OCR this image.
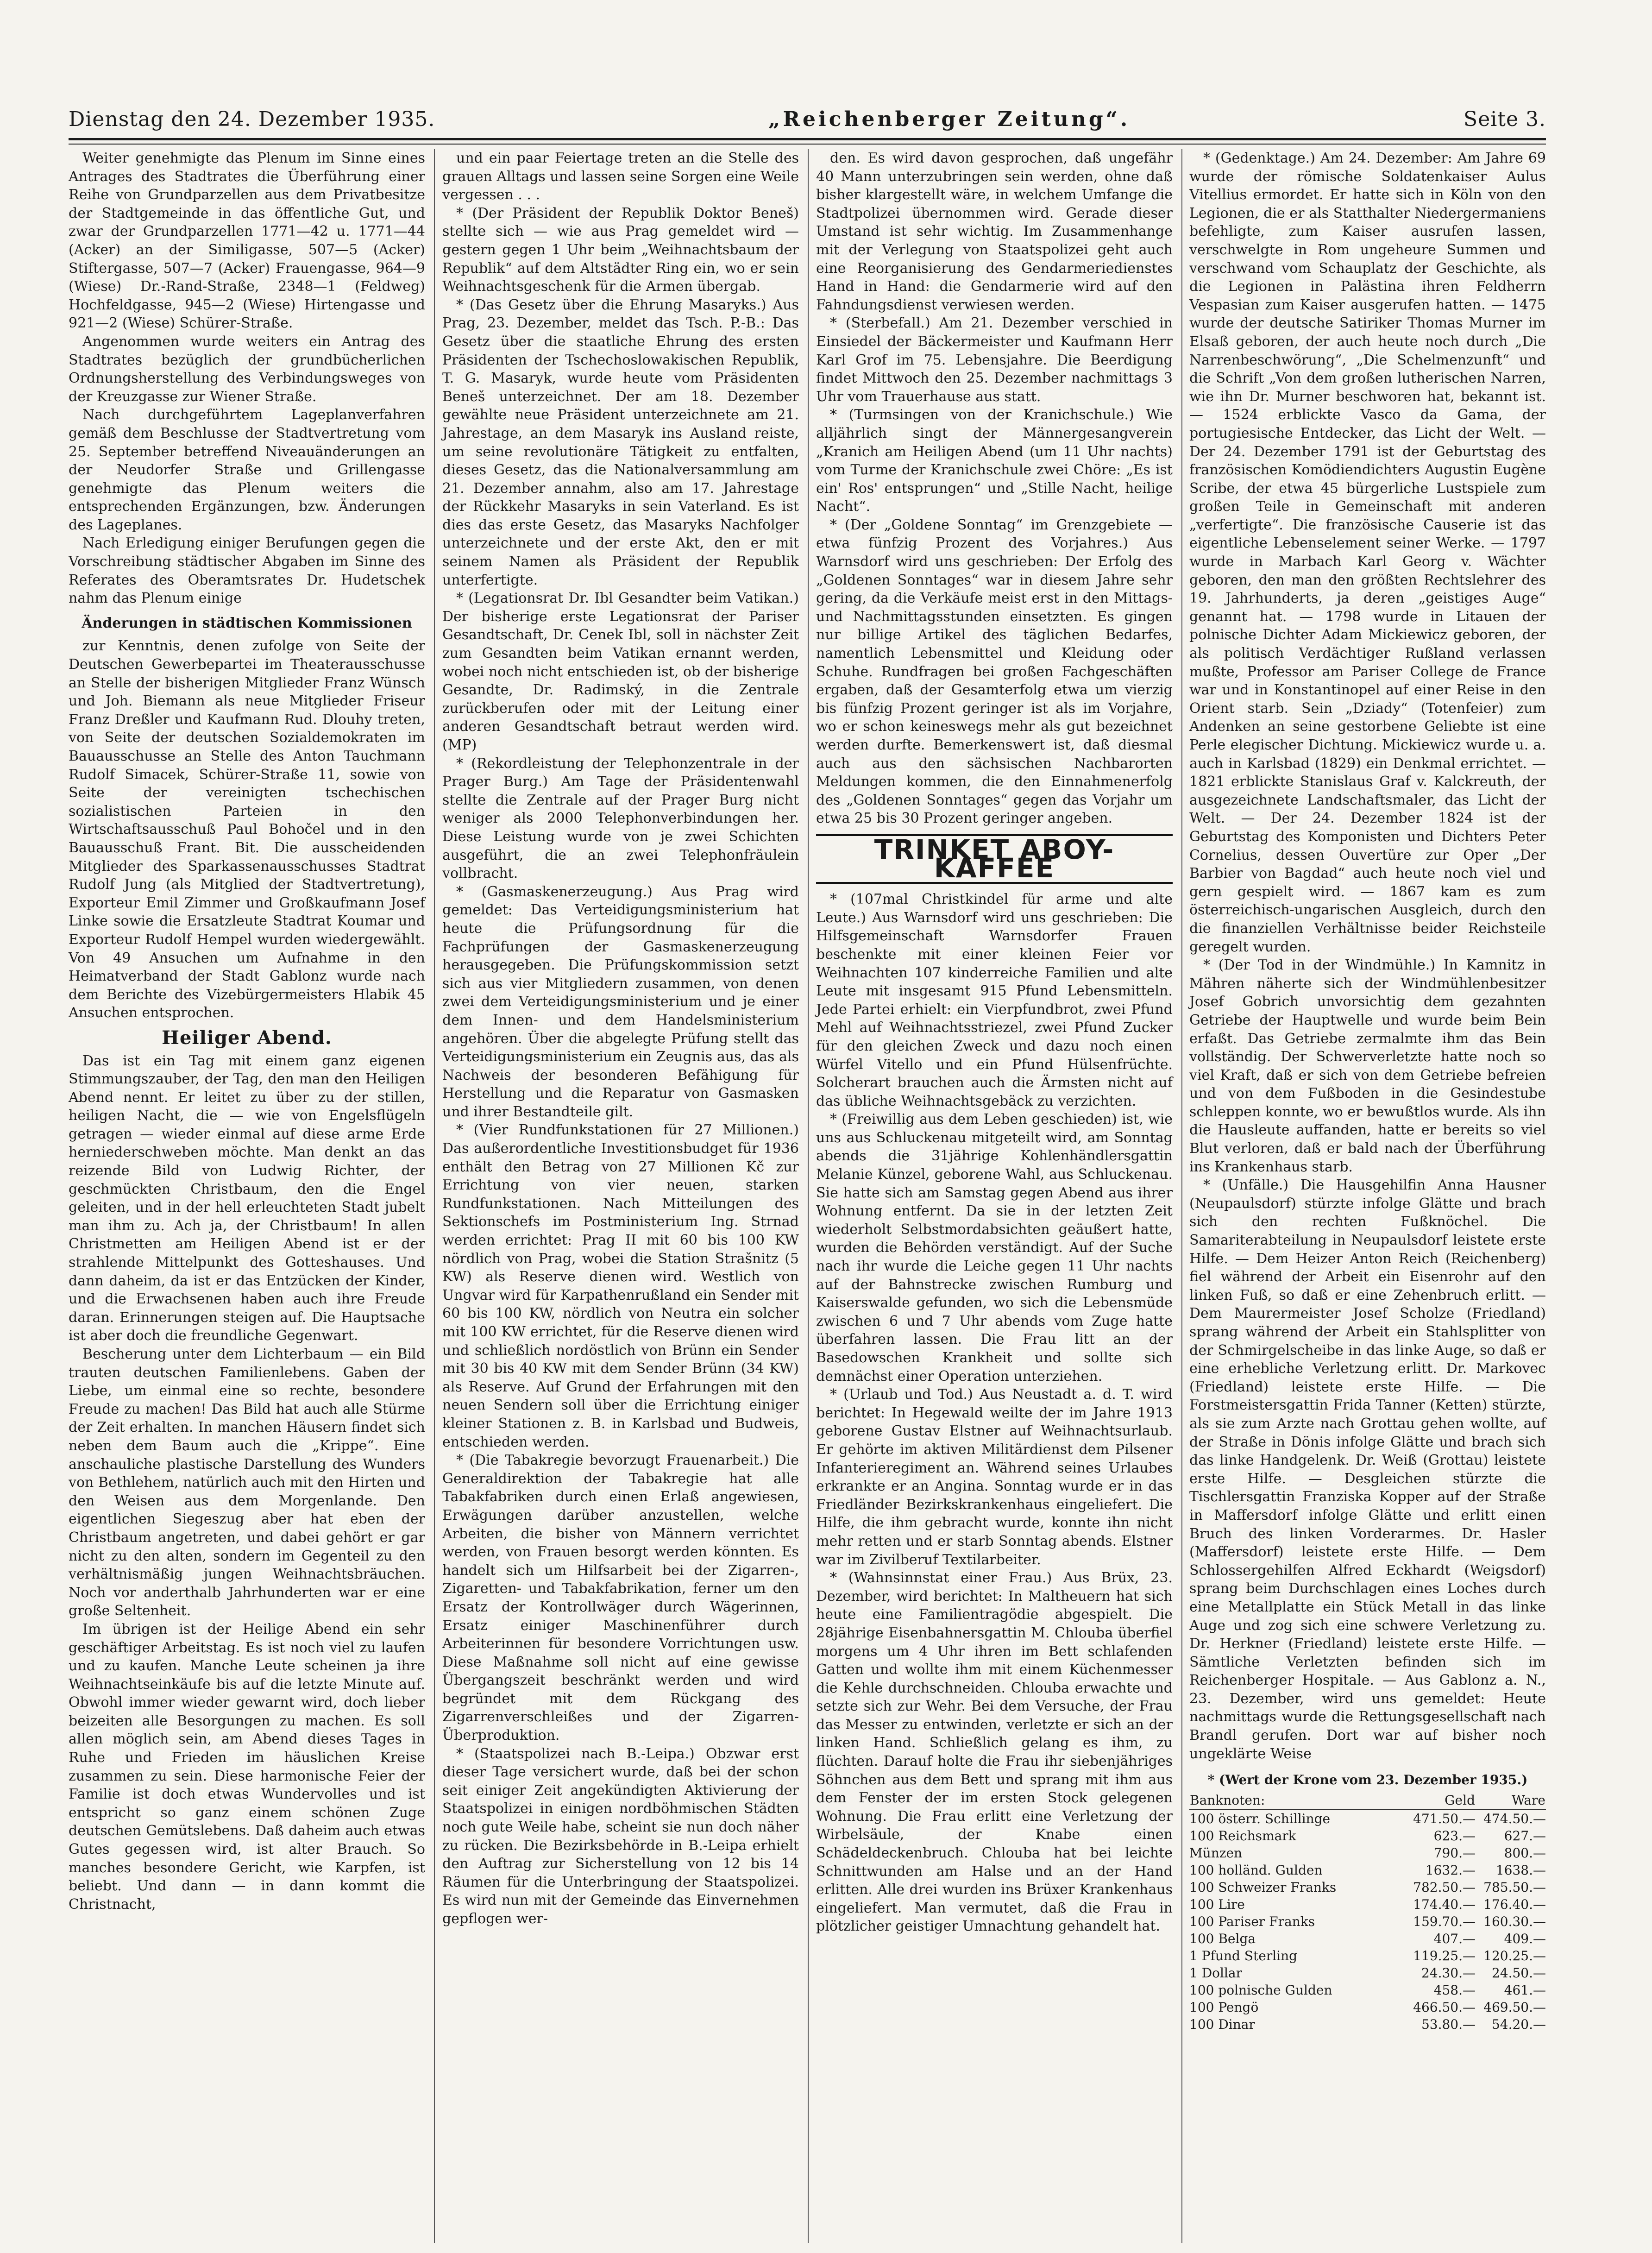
Dienstag den 24. Dezember 1935.	„Reichenberger Zeitung“.	Seite 3.

Weiter genehmigte das Plenum im Sinne eines Antrages des Stadtrates die Überführung einer Reihe von Grundparzellen aus dem Privatbesitze der Stadtgemeinde in das öffentliche Gut, und zwar der Grundparzellen 1771—42 u. 1771—44 (Acker) an der Similigasse, 507—5 (Acker) Stiftergasse, 507—7 (Acker) Frauengasse, 964—9 (Wiese) Dr.-Rand-Straße, 2348—1 (Feldweg) Hochfeldgasse, 945—2 (Wiese) Hirtengasse und 921—2 (Wiese) Schürer-Straße.

Angenommen wurde weiters ein Antrag des Stadtrates bezüglich der grundbücherlichen Ordnungsherstellung des Verbindungsweges von der Kreuzgasse zur Wiener Straße.

Nach durchgeführtem Lageplanverfahren gemäß dem Beschlusse der Stadtvertretung vom 25. September betreffend Niveauänderungen an der Neudorfer Straße und Grillengasse genehmigte das Plenum weiters die entsprechenden Ergänzungen, bzw. Änderungen des Lageplanes.

Nach Erledigung einiger Berufungen gegen die Vorschreibung städtischer Abgaben im Sinne des Referates des Oberamtsrates Dr. Hudetschek nahm das Plenum einige

Änderungen in städtischen Kommissionen

zur Kenntnis, denen zufolge von Seite der Deutschen Gewerbepartei im Theaterausschusse an Stelle der bisherigen Mitglieder Franz Wünsch und Joh. Biemann als neue Mitglieder Friseur Franz Dreßler und Kaufmann Rud. Dlouhy treten, von Seite der deutschen Sozialdemokraten im Bauausschusse an Stelle des Anton Tauchmann Rudolf Simacek, Schürer-Straße 11, sowie von Seite der vereinigten tschechischen sozialistischen Parteien in den Wirtschaftsausschuß Paul Bohočel und in den Bauausschuß Frant. Bit. Die ausscheidenden Mitglieder des Sparkassenausschusses Stadtrat Rudolf Jung (als Mitglied der Stadtvertretung), Exporteur Emil Zimmer und Großkaufmann Josef Linke sowie die Ersatzleute Stadtrat Koumar und Exporteur Rudolf Hempel wurden wiedergewählt. Von 49 Ansuchen um Aufnahme in den Heimatverband der Stadt Gablonz wurde nach dem Berichte des Vizebürgermeisters Hlabik 45 Ansuchen entsprochen.

Heiliger Abend.

Das ist ein Tag mit einem ganz eigenen Stimmungszauber, der Tag, den man den Heiligen Abend nennt. Er leitet zu über zu der stillen, heiligen Nacht, die — wie von Engelsflügeln getragen — wieder einmal auf diese arme Erde herniederschweben möchte. Man denkt an das reizende Bild von Ludwig Richter, der geschmückten Christbaum, den die Engel geleiten, und in der hell erleuchteten Stadt jubelt man ihm zu. Ach ja, der Christbaum! In allen Christmetten am Heiligen Abend ist er der strahlende Mittelpunkt des Gotteshauses. Und dann daheim, da ist er das Entzücken der Kinder, und die Erwachsenen haben auch ihre Freude daran. Erinnerungen steigen auf. Die Hauptsache ist aber doch die freundliche Gegenwart.

Bescherung unter dem Lichterbaum — ein Bild trauten deutschen Familienlebens. Gaben der Liebe, um einmal eine so rechte, besondere Freude zu machen! Das Bild hat auch alle Stürme der Zeit erhalten. In manchen Häusern findet sich neben dem Baum auch die „Krippe“. Eine anschauliche plastische Darstellung des Wunders von Bethlehem, natürlich auch mit den Hirten und den Weisen aus dem Morgenlande. Den eigentlichen Siegeszug aber hat eben der Christbaum angetreten, und dabei gehört er gar nicht zu den alten, sondern im Gegenteil zu den verhältnismäßig jungen Weihnachtsbräuchen. Noch vor anderthalb Jahrhunderten war er eine große Seltenheit.

Im übrigen ist der Heilige Abend ein sehr geschäftiger Arbeitstag. Es ist noch viel zu laufen und zu kaufen. Manche Leute scheinen ja ihre Weihnachtseinkäufe bis auf die letzte Minute auf. Obwohl immer wieder gewarnt wird, doch lieber beizeiten alle Besorgungen zu machen. Es soll allen möglich sein, am Abend dieses Tages in Ruhe und Frieden im häuslichen Kreise zusammen zu sein. Diese harmonische Feier der Familie ist doch etwas Wundervolles und ist entspricht so ganz einem schönen Zuge deutschen Gemütslebens. Daß daheim auch etwas Gutes gegessen wird, ist alter Brauch. So manches besondere Gericht, wie Karpfen, ist beliebt. Und dann — in dann kommt die Christnacht,

und ein paar Feiertage treten an die Stelle des grauen Alltags und lassen seine Sorgen eine Weile vergessen . . .

* (Der Präsident der Republik Doktor Beneš) stellte sich — wie aus Prag gemeldet wird — gestern gegen 1 Uhr beim „Weihnachtsbaum der Republik“ auf dem Altstädter Ring ein, wo er sein Weihnachtsgeschenk für die Armen übergab.

* (Das Gesetz über die Ehrung Masaryks.) Aus Prag, 23. Dezember, meldet das Tsch. P.-B.: Das Gesetz über die staatliche Ehrung des ersten Präsidenten der Tschechoslowakischen Republik, T. G. Masaryk, wurde heute vom Präsidenten Beneš unterzeichnet. Der am 18. Dezember gewählte neue Präsident unterzeichnete am 21. Jahrestage, an dem Masaryk ins Ausland reiste, um seine revolutionäre Tätigkeit zu entfalten, dieses Gesetz, das die Nationalversammlung am 21. Dezember annahm, also am 17. Jahrestage der Rückkehr Masaryks in sein Vaterland. Es ist dies das erste Gesetz, das Masaryks Nachfolger unterzeichnete und der erste Akt, den er mit seinem Namen als Präsident der Republik unterfertigte.

* (Legationsrat Dr. Ibl Gesandter beim Vatikan.) Der bisherige erste Legationsrat der Pariser Gesandtschaft, Dr. Cenek Ibl, soll in nächster Zeit zum Gesandten beim Vatikan ernannt werden, wobei noch nicht entschieden ist, ob der bisherige Gesandte, Dr. Radimský, in die Zentrale zurückberufen oder mit der Leitung einer anderen Gesandtschaft betraut werden wird. (MP)

* (Rekordleistung der Telephonzentrale in der Prager Burg.) Am Tage der Präsidentenwahl stellte die Zentrale auf der Prager Burg nicht weniger als 2000 Telephonverbindungen her. Diese Leistung wurde von je zwei Schichten ausgeführt, die an zwei Telephonfräulein vollbracht.

* (Gasmaskenerzeugung.) Aus Prag wird gemeldet: Das Verteidigungsministerium hat heute die Prüfungsordnung für die Fachprüfungen der Gasmaskenerzeugung herausgegeben. Die Prüfungskommission setzt sich aus vier Mitgliedern zusammen, von denen zwei dem Verteidigungsministerium und je einer dem Innen- und dem Handelsministerium angehören. Über die abgelegte Prüfung stellt das Verteidigungsministerium ein Zeugnis aus, das als Nachweis der besonderen Befähigung für Herstellung und die Reparatur von Gasmasken und ihrer Bestandteile gilt.

* (Vier Rundfunkstationen für 27 Millionen.) Das außerordentliche Investitionsbudget für 1936 enthält den Betrag von 27 Millionen Kč zur Errichtung von vier neuen, starken Rundfunkstationen. Nach Mitteilungen des Sektionschefs im Postministerium Ing. Strnad werden errichtet: Prag II mit 60 bis 100 KW nördlich von Prag, wobei die Station Strašnitz (5 KW) als Reserve dienen wird. Westlich von Ungvar wird für Karpathenrußland ein Sender mit 60 bis 100 KW, nördlich von Neutra ein solcher mit 100 KW errichtet, für die Reserve dienen wird und schließlich nordöstlich von Brünn ein Sender mit 30 bis 40 KW mit dem Sender Brünn (34 KW) als Reserve. Auf Grund der Erfahrungen mit den neuen Sendern soll über die Errichtung einiger kleiner Stationen z. B. in Karlsbad und Budweis, entschieden werden.

* (Die Tabakregie bevorzugt Frauenarbeit.) Die Generaldirektion der Tabakregie hat alle Tabakfabriken durch einen Erlaß angewiesen, Erwägungen darüber anzustellen, welche Arbeiten, die bisher von Männern verrichtet werden, von Frauen besorgt werden könnten. Es handelt sich um Hilfsarbeit bei der Zigarren-, Zigaretten- und Tabakfabrikation, ferner um den Ersatz der Kontrollwäger durch Wägerinnen, Ersatz einiger Maschinenführer durch Arbeiterinnen für besondere Vorrichtungen usw. Diese Maßnahme soll nicht auf eine gewisse Übergangszeit beschränkt werden und wird begründet mit dem Rückgang des Zigarrenverschleißes und der Zigarren-Überproduktion.

* (Staatspolizei nach B.-Leipa.) Obzwar erst dieser Tage versichert wurde, daß bei der schon seit einiger Zeit angekündigten Aktivierung der Staatspolizei in einigen nordböhmischen Städten noch gute Weile habe, scheint sie nun doch näher zu rücken. Die Bezirksbehörde in B.-Leipa erhielt den Auftrag zur Sicherstellung von 12 bis 14 Räumen für die Unterbringung der Staatspolizei. Es wird nun mit der Gemeinde das Einvernehmen gepflogen wer-

den. Es wird davon gesprochen, daß ungefähr 40 Mann unterzubringen sein werden, ohne daß bisher klargestellt wäre, in welchem Umfange die Stadtpolizei übernommen wird. Gerade dieser Umstand ist sehr wichtig. Im Zusammenhange mit der Verlegung von Staatspolizei geht auch eine Reorganisierung des Gendarmeriedienstes Hand in Hand: die Gendarmerie wird auf den Fahndungsdienst verwiesen werden.

* (Sterbefall.) Am 21. Dezember verschied in Einsiedel der Bäckermeister und Kaufmann Herr Karl Grof im 75. Lebensjahre. Die Beerdigung findet Mittwoch den 25. Dezember nachmittags 3 Uhr vom Trauerhause aus statt.

* (Turmsingen von der Kranichschule.) Wie alljährlich singt der Männergesangverein „Kranich am Heiligen Abend (um 11 Uhr nachts) vom Turme der Kranichschule zwei Chöre: „Es ist ein' Ros' entsprungen“ und „Stille Nacht, heilige Nacht“.

* (Der „Goldene Sonntag“ im Grenzgebiete — etwa fünfzig Prozent des Vorjahres.) Aus Warnsdorf wird uns geschrieben: Der Erfolg des „Goldenen Sonntages“ war in diesem Jahre sehr gering, da die Verkäufe meist erst in den Mittags- und Nachmittagsstunden einsetzten. Es gingen nur billige Artikel des täglichen Bedarfes, namentlich Lebensmittel und Kleidung oder Schuhe. Rundfragen bei großen Fachgeschäften ergaben, daß der Gesamterfolg etwa um vierzig bis fünfzig Prozent geringer ist als im Vorjahre, wo er schon keineswegs mehr als gut bezeichnet werden durfte. Bemerkenswert ist, daß diesmal auch aus den sächsischen Nachbarorten Meldungen kommen, die den Einnahmenerfolg des „Goldenen Sonntages“ gegen das Vorjahr um etwa 25 bis 30 Prozent geringer angeben.

TRINKET ABOY-KAFFEE

* (107mal Christkindel für arme und alte Leute.) Aus Warnsdorf wird uns geschrieben: Die Hilfsgemeinschaft Warnsdorfer Frauen beschenkte mit einer kleinen Feier vor Weihnachten 107 kinderreiche Familien und alte Leute mit insgesamt 915 Pfund Lebensmitteln. Jede Partei erhielt: ein Vierpfundbrot, zwei Pfund Mehl auf Weihnachtsstriezel, zwei Pfund Zucker für den gleichen Zweck und dazu noch einen Würfel Vitello und ein Pfund Hülsenfrüchte. Solcherart brauchen auch die Ärmsten nicht auf das übliche Weihnachtsgebäck zu verzichten.

* (Freiwillig aus dem Leben geschieden) ist, wie uns aus Schluckenau mitgeteilt wird, am Sonntag abends die 31jährige Kohlenhändlersgattin Melanie Künzel, geborene Wahl, aus Schluckenau. Sie hatte sich am Samstag gegen Abend aus ihrer Wohnung entfernt. Da sie in der letzten Zeit wiederholt Selbstmordabsichten geäußert hatte, wurden die Behörden verständigt. Auf der Suche nach ihr wurde die Leiche gegen 11 Uhr nachts auf der Bahnstrecke zwischen Rumburg und Kaiserswalde gefunden, wo sich die Lebensmüde zwischen 6 und 7 Uhr abends vom Zuge hatte überfahren lassen. Die Frau litt an der Basedowschen Krankheit und sollte sich demnächst einer Operation unterziehen.

* (Urlaub und Tod.) Aus Neustadt a. d. T. wird berichtet: In Hegewald weilte der im Jahre 1913 geborene Gustav Elstner auf Weihnachtsurlaub. Er gehörte im aktiven Militärdienst dem Pilsener Infanterieregiment an. Während seines Urlaubes erkrankte er an Angina. Sonntag wurde er in das Friedländer Bezirkskrankenhaus eingeliefert. Die Hilfe, die ihm gebracht wurde, konnte ihn nicht mehr retten und er starb Sonntag abends. Elstner war im Zivilberuf Textilarbeiter.

* (Wahnsinnstat einer Frau.) Aus Brüx, 23. Dezember, wird berichtet: In Maltheuern hat sich heute eine Familientragödie abgespielt. Die 28jährige Eisenbahnersgattin M. Chlouba überfiel morgens um 4 Uhr ihren im Bett schlafenden Gatten und wollte ihm mit einem Küchenmesser die Kehle durchschneiden. Chlouba erwachte und setzte sich zur Wehr. Bei dem Versuche, der Frau das Messer zu entwinden, verletzte er sich an der linken Hand. Schließlich gelang es ihm, zu flüchten. Darauf holte die Frau ihr siebenjähriges Söhnchen aus dem Bett und sprang mit ihm aus dem Fenster der im ersten Stock gelegenen Wohnung. Die Frau erlitt eine Verletzung der Wirbelsäule, der Knabe einen Schädeldeckenbruch. Chlouba hat bei leichte Schnittwunden am Halse und an der Hand erlitten. Alle drei wurden ins Brüxer Krankenhaus eingeliefert. Man vermutet, daß die Frau in plötzlicher geistiger Umnachtung gehandelt hat.

* (Gedenktage.) Am 24. Dezember: Am Jahre 69 wurde der römische Soldatenkaiser Aulus Vitellius ermordet. Er hatte sich in Köln von den Legionen, die er als Statthalter Niedergermaniens befehligte, zum Kaiser ausrufen lassen, verschwelgte in Rom ungeheure Summen und verschwand vom Schauplatz der Geschichte, als die Legionen in Palästina ihren Feldherrn Vespasian zum Kaiser ausgerufen hatten. — 1475 wurde der deutsche Satiriker Thomas Murner im Elsaß geboren, der auch heute noch durch „Die Narrenbeschwörung“, „Die Schelmenzunft“ und die Schrift „Von dem großen lutherischen Narren, wie ihn Dr. Murner beschworen hat, bekannt ist. — 1524 erblickte Vasco da Gama, der portugiesische Entdecker, das Licht der Welt. — Der 24. Dezember 1791 ist der Geburtstag des französischen Komödiendichters Augustin Eugène Scribe, der etwa 45 bürgerliche Lustspiele zum großen Teile in Gemeinschaft mit anderen „verfertigte“. Die französische Causerie ist das eigentliche Lebenselement seiner Werke. — 1797 wurde in Marbach Karl Georg v. Wächter geboren, den man den größten Rechtslehrer des 19. Jahrhunderts, ja deren „geistiges Auge“ genannt hat. — 1798 wurde in Litauen der polnische Dichter Adam Mickiewicz geboren, der als politisch Verdächtiger Rußland verlassen mußte, Professor am Pariser College de France war und in Konstantinopel auf einer Reise in den Orient starb. Sein „Dziady“ (Totenfeier) zum Andenken an seine gestorbene Geliebte ist eine Perle elegischer Dichtung. Mickiewicz wurde u. a. auch in Karlsbad (1829) ein Denkmal errichtet. — 1821 erblickte Stanislaus Graf v. Kalckreuth, der ausgezeichnete Landschaftsmaler, das Licht der Welt. — Der 24. Dezember 1824 ist der Geburtstag des Komponisten und Dichters Peter Cornelius, dessen Ouvertüre zur Oper „Der Barbier von Bagdad“ auch heute noch viel und gern gespielt wird. — 1867 kam es zum österreichisch-ungarischen Ausgleich, durch den die finanziellen Verhältnisse beider Reichsteile geregelt wurden.

* (Der Tod in der Windmühle.) In Kamnitz in Mähren näherte sich der Windmühlenbesitzer Josef Gobrich unvorsichtig dem gezahnten Getriebe der Hauptwelle und wurde beim Bein erfaßt. Das Getriebe zermalmte ihm das Bein vollständig. Der Schwerverletzte hatte noch so viel Kraft, daß er sich von dem Getriebe befreien und von dem Fußboden in die Gesindestube schleppen konnte, wo er bewußtlos wurde. Als ihn die Hausleute auffanden, hatte er bereits so viel Blut verloren, daß er bald nach der Überführung ins Krankenhaus starb.

* (Unfälle.) Die Hausgehilfin Anna Hausner (Neupaulsdorf) stürzte infolge Glätte und brach sich den rechten Fußknöchel. Die Samariterabteilung in Neupaulsdorf leistete erste Hilfe. — Dem Heizer Anton Reich (Reichenberg) fiel während der Arbeit ein Eisenrohr auf den linken Fuß, so daß er eine Zehenbruch erlitt. — Dem Maurermeister Josef Scholze (Friedland) sprang während der Arbeit ein Stahlsplitter von der Schmirgelscheibe in das linke Auge, so daß er eine erhebliche Verletzung erlitt. Dr. Markovec (Friedland) leistete erste Hilfe. — Die Forstmeistersgattin Frida Tanner (Ketten) stürzte, als sie zum Arzte nach Grottau gehen wollte, auf der Straße in Dönis infolge Glätte und brach sich das linke Handgelenk. Dr. Weiß (Grottau) leistete erste Hilfe. — Desgleichen stürzte die Tischlersgattin Franziska Kopper auf der Straße in Maffersdorf infolge Glätte und erlitt einen Bruch des linken Vorderarmes. Dr. Hasler (Maffersdorf) leistete erste Hilfe. — Dem Schlossergehilfen Alfred Eckhardt (Weigsdorf) sprang beim Durchschlagen eines Loches durch eine Metallplatte ein Stück Metall in das linke Auge und zog sich eine schwere Verletzung zu. Dr. Herkner (Friedland) leistete erste Hilfe. — Sämtliche Verletzten befinden sich im Reichenberger Hospitale. — Aus Gablonz a. N., 23. Dezember, wird uns gemeldet: Heute nachmittags wurde die Rettungsgesellschaft nach Brandl gerufen. Dort war auf bisher noch ungeklärte Weise

* (Wert der Krone vom 23. Dezember 1935.)
Banknoten:	Geld	Ware
100 österr. Schillinge	471.50.—	474.50.—
100 Reichsmark	623.—	627.—
Münzen	790.—	800.—
100 holländ. Gulden	1632.—	1638.—
100 Schweizer Franks	782.50.—	785.50.—
100 Lire	174.40.—	176.40.—
100 Pariser Franks	159.70.—	160.30.—
100 Belga	407.—	409.—
1 Pfund Sterling	119.25.—	120.25.—
1 Dollar	24.30.—	24.50.—
100 polnische Gulden	458.—	461.—
100 Pengö	466.50.—	469.50.—
100 Dinar	53.80.—	54.20.—
